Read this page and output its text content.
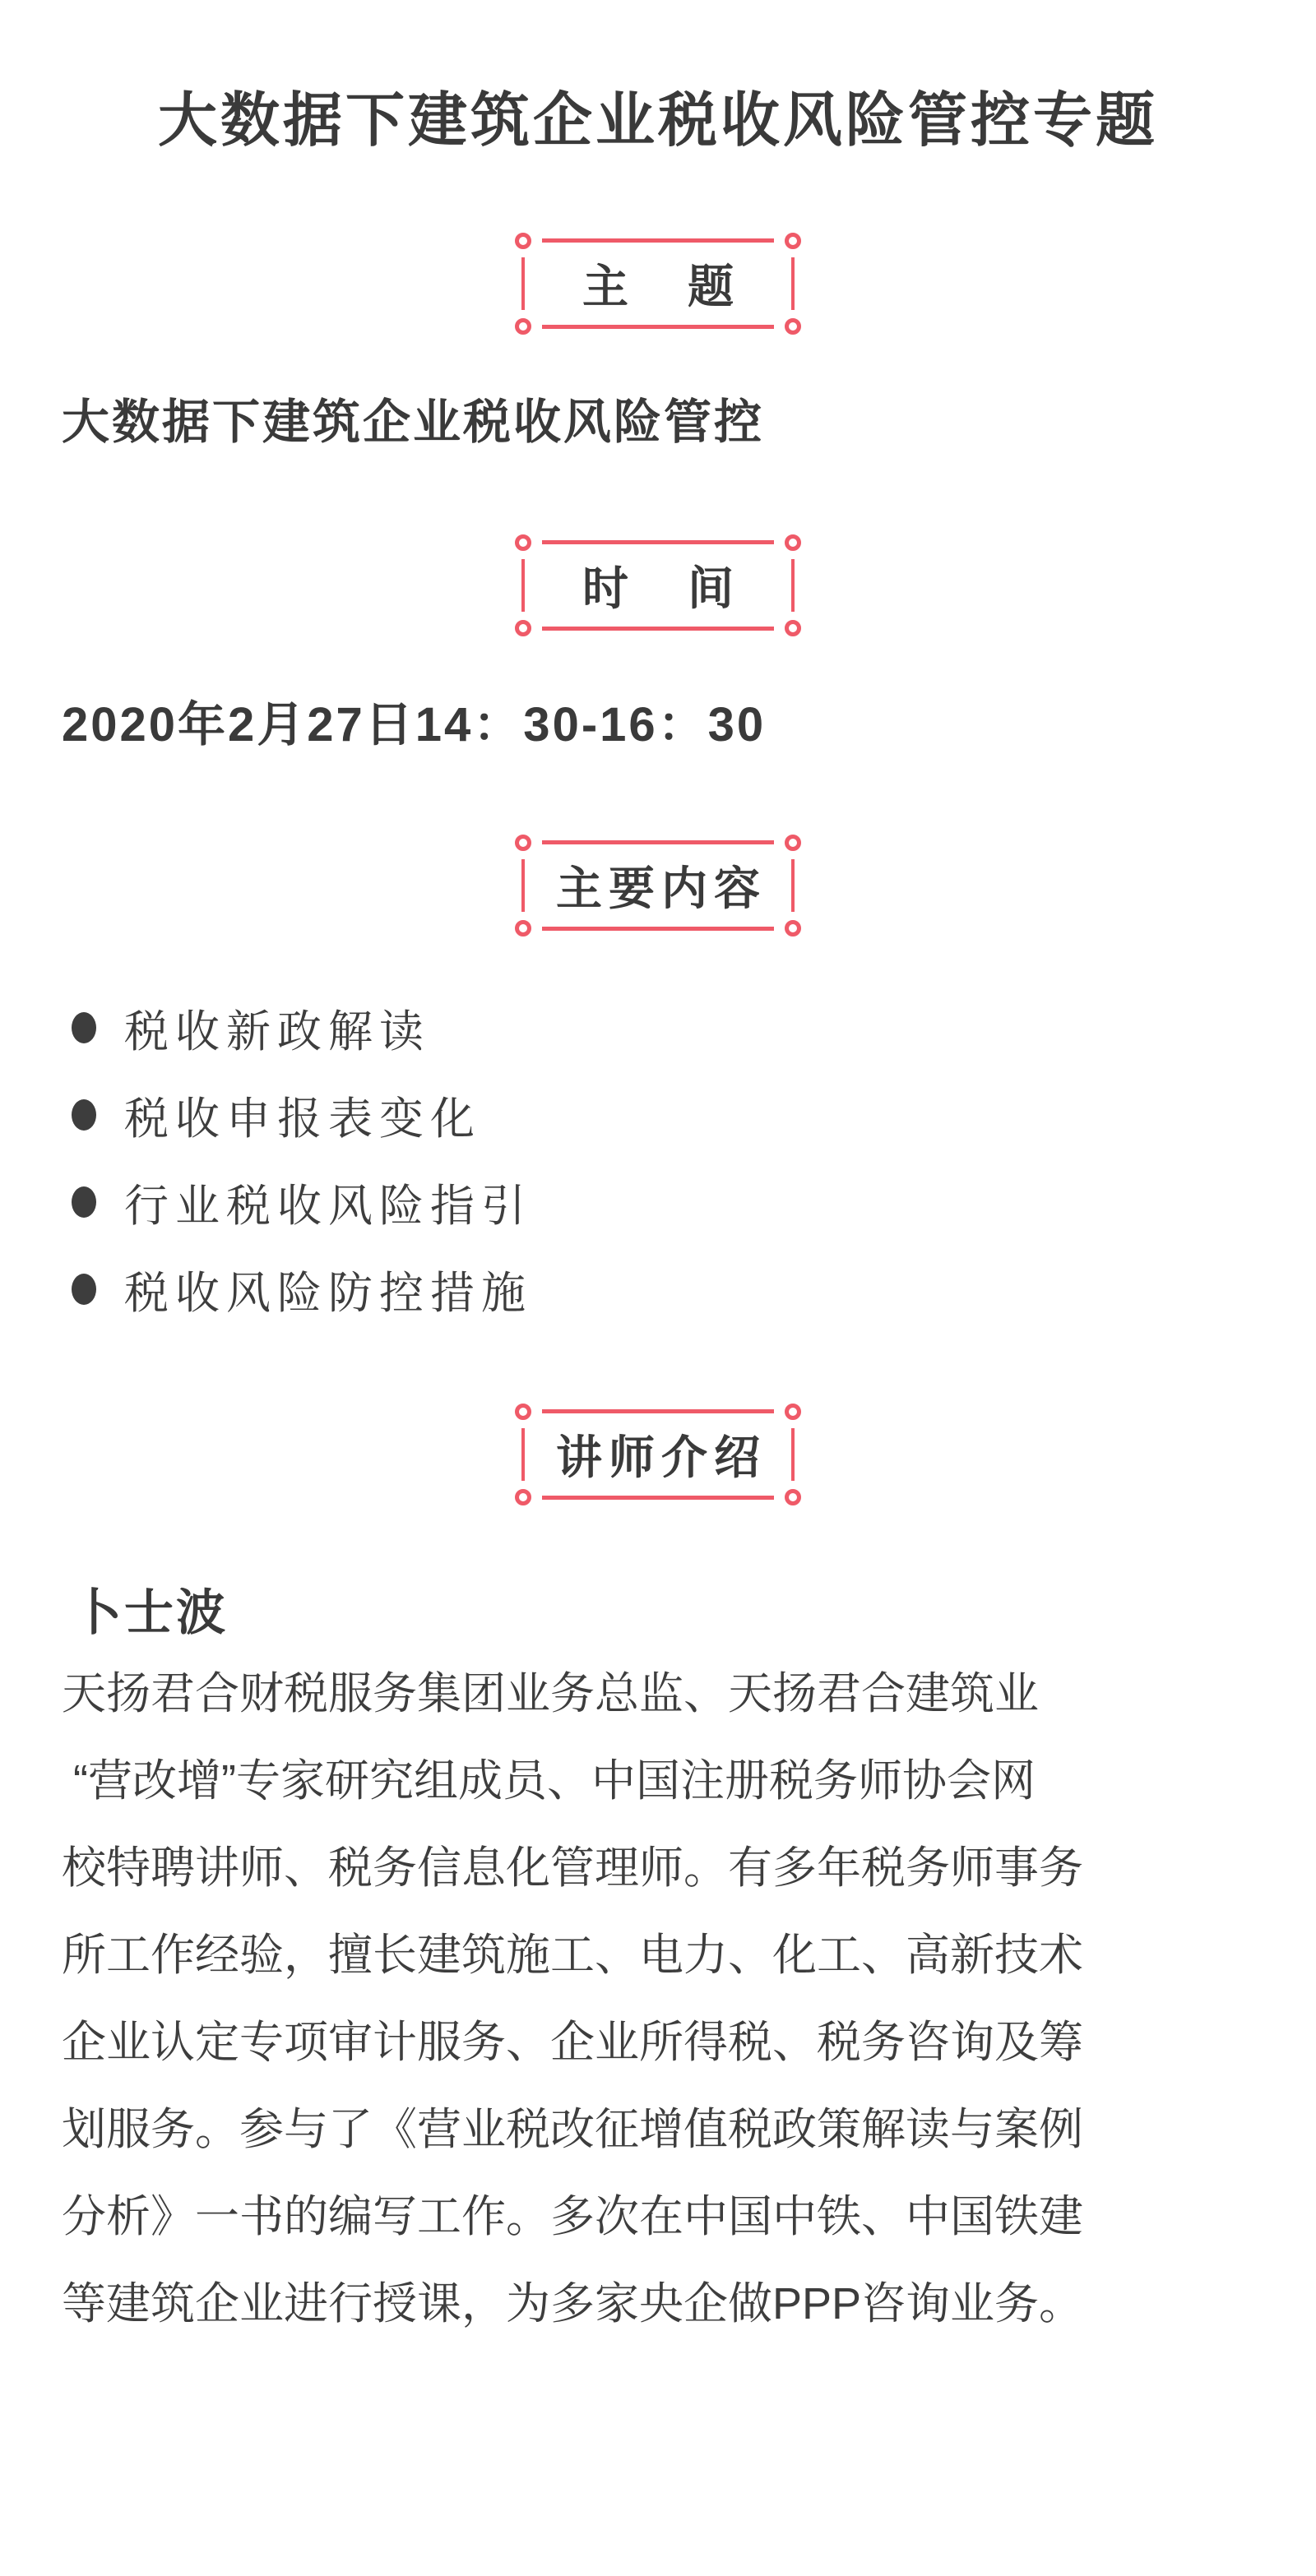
大数据下建筑企业税收风险管控专题
主　题
大数据下建筑企业税收风险管控
时　间
2020年2月27日14：30-16：30
主要内容
税收新政解读
税收申报表变化
行业税收风险指引
税收风险防控措施
讲师介绍
卜士波
天扬君合财税服务集团业务总监、天扬君合建筑业
“营改增”专家研究组成员、中国注册税务师协会网
校特聘讲师、税务信息化管理师。有多年税务师事务
所工作经验，擅长建筑施工、电力、化工、高新技术
企业认定专项审计服务、企业所得税、税务咨询及筹
划服务。参与了《营业税改征增值税政策解读与案例
分析》一书的编写工作。多次在中国中铁、中国铁建
等建筑企业进行授课，为多家央企做PPP咨询业务。
